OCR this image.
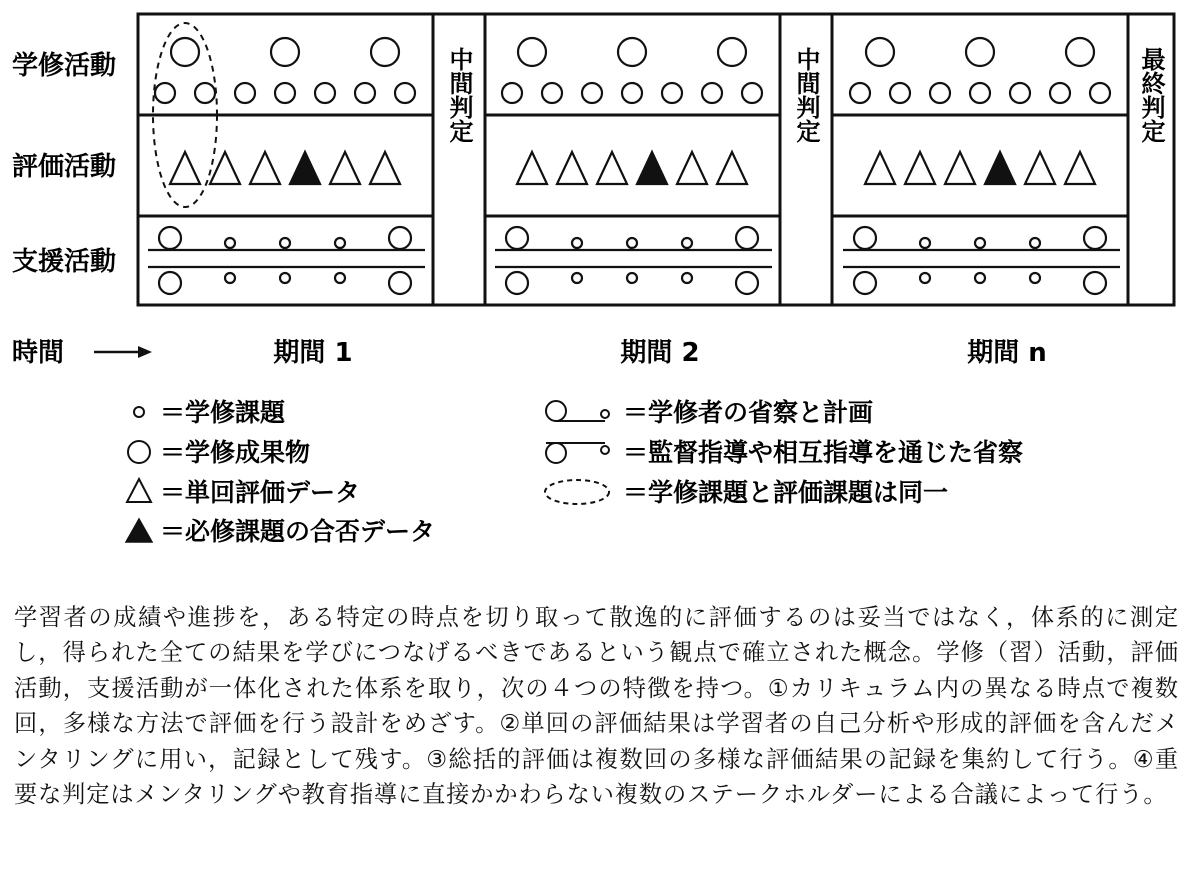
学修活動
評価活動
支援活動
中間判定	中間判定	最終判定
時間	期間 1	期間 2	期間 n
＝学修課題
＝学修成果物
＝単回評価データ
＝必修課題の合否データ
＝学修者の省察と計画
＝監督指導や相互指導を通じた省察
＝学修課題と評価課題は同一

学習者の成績や進捗を，ある特定の時点を切り取って散逸的に評価するのは妥当ではなく，体系的に測定し，得られた全ての結果を学びにつなげるべきであるという観点で確立された概念。学修（習）活動，評価活動，支援活動が一体化された体系を取り，次の４つの特徴を持つ。①カリキュラム内の異なる時点で複数回，多様な方法で評価を行う設計をめざす。②単回の評価結果は学習者の自己分析や形成的評価を含んだメンタリングに用い，記録として残す。③総括的評価は複数回の多様な評価結果の記録を集約して行う。④重要な判定はメンタリングや教育指導に直接かかわらない複数のステークホルダーによる合議によって行う。
